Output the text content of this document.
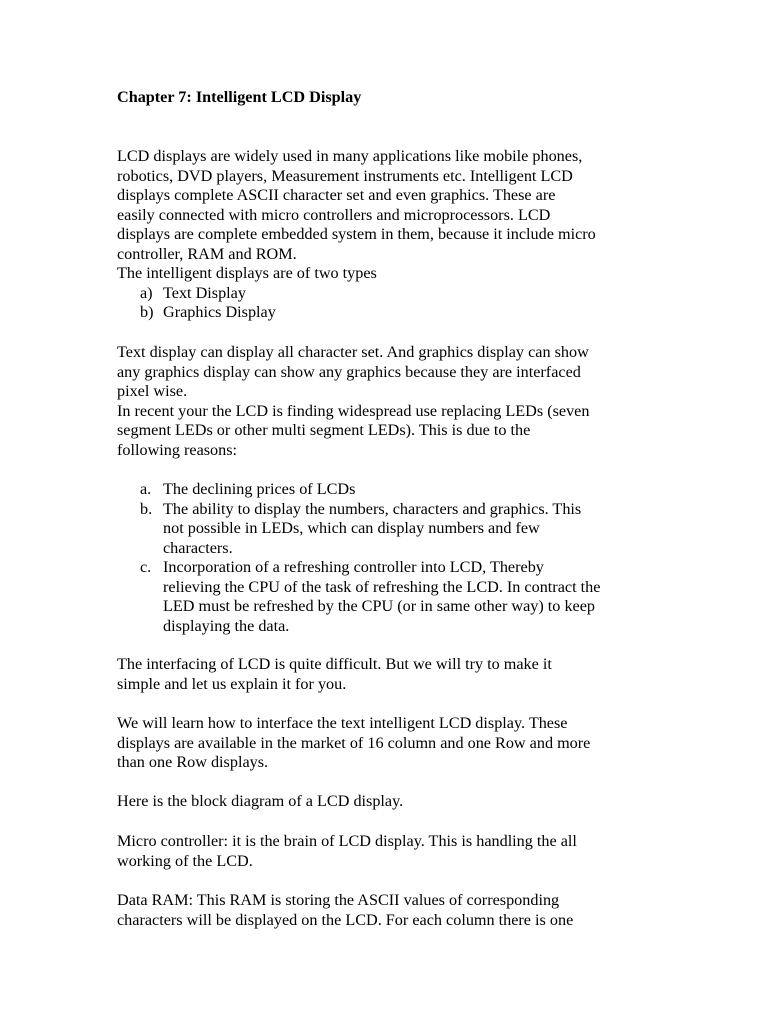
Chapter 7: Intelligent LCD Display
LCD displays are widely used in many applications like mobile phones,
robotics, DVD players, Measurement instruments etc. Intelligent LCD
displays complete ASCII character set and even graphics. These are
easily connected with micro controllers and microprocessors. LCD
displays are complete embedded system in them, because it include micro
controller, RAM and ROM.
The intelligent displays are of two types
a) Text Display
b) Graphics Display
Text display can display all character set. And graphics display can show
any graphics display can show any graphics because they are interfaced
pixel wise.
In recent your the LCD is finding widespread use replacing LEDs (seven
segment LEDs or other multi segment LEDs). This is due to the
following reasons:
a. The declining prices of LCDs
b. The ability to display the numbers, characters and graphics. This
not possible in LEDs, which can display numbers and few
characters.
c. Incorporation of a refreshing controller into LCD, Thereby
relieving the CPU of the task of refreshing the LCD. In contract the
LED must be refreshed by the CPU (or in same other way) to keep
displaying the data.
The interfacing of LCD is quite difficult. But we will try to make it
simple and let us explain it for you.
We will learn how to interface the text intelligent LCD display. These
displays are available in the market of 16 column and one Row and more
than one Row displays.
Here is the block diagram of a LCD display.
Micro controller: it is the brain of LCD display. This is handling the all
working of the LCD.
Data RAM: This RAM is storing the ASCII values of corresponding
characters will be displayed on the LCD. For each column there is one
